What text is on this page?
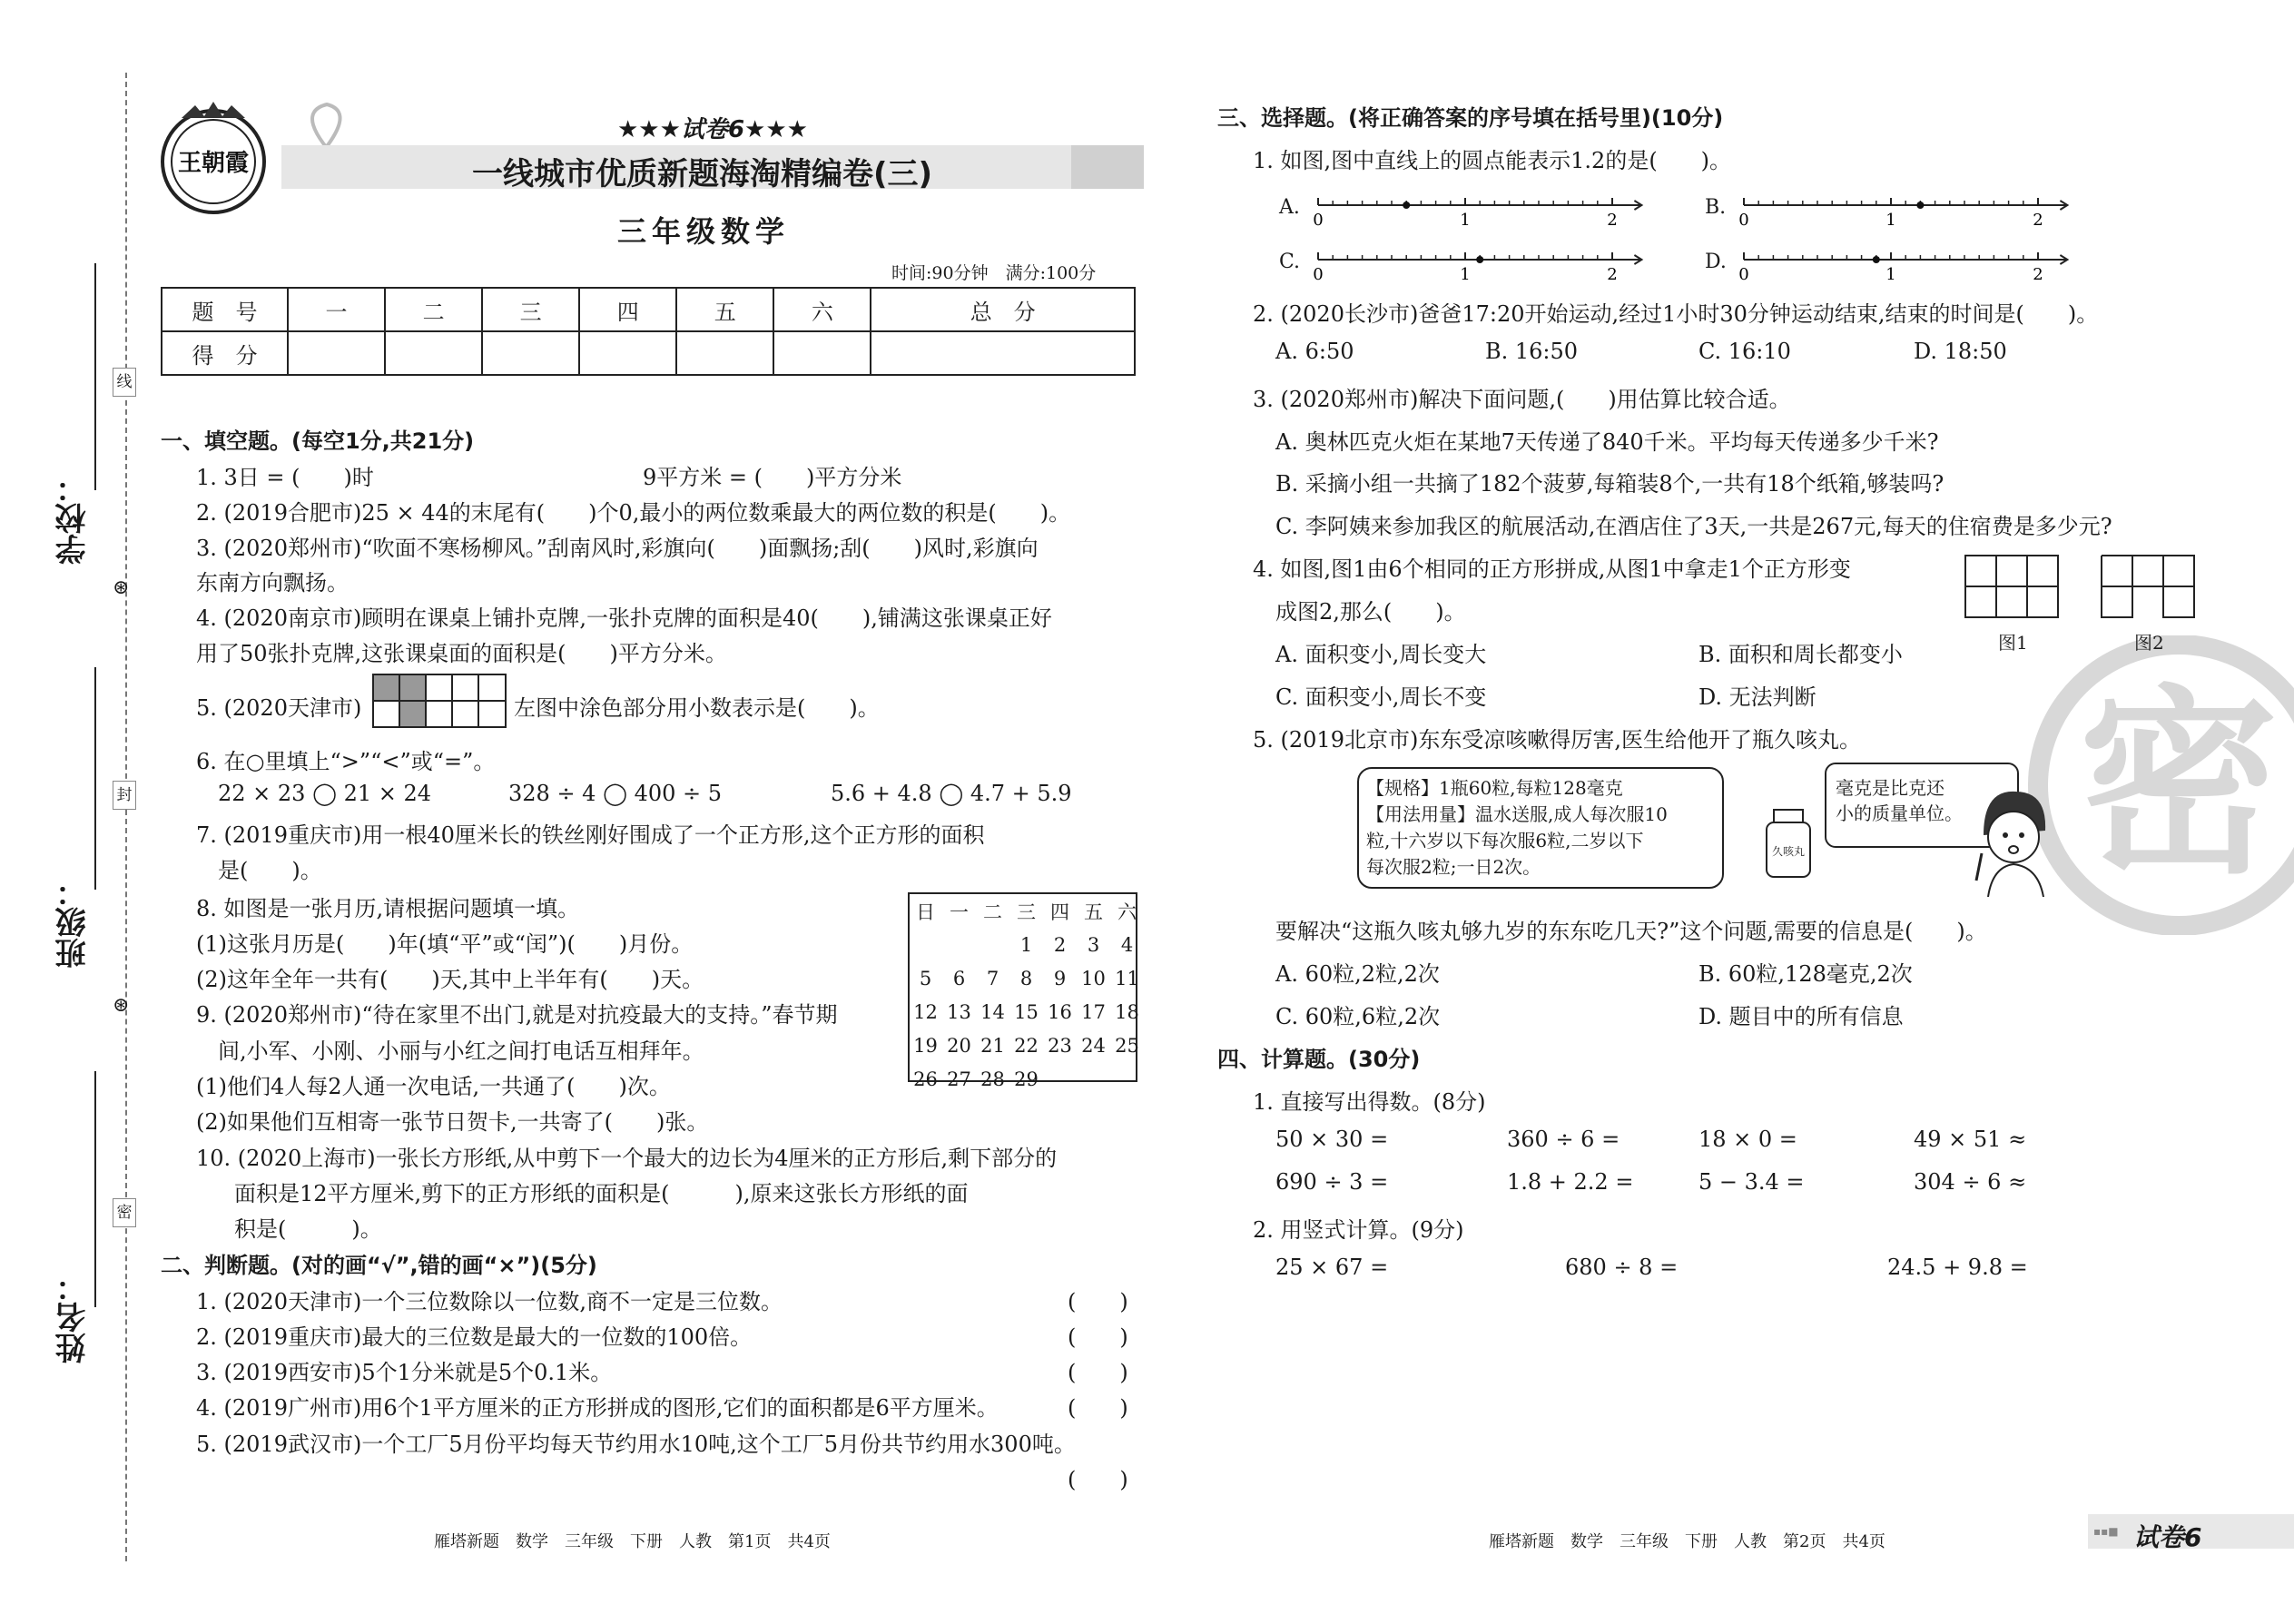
线
封
密
⊛
⊛
学校：
班级：
姓名：
王朝霞
★★★试卷6★★★
一线城市优质新题海淘精编卷(三)
三年级数学
时间:90分钟　满分:100分
题　号	一	二	三	四	五	六	总　分
得　分							
一、填空题。(每空1分,共21分)
1. 3日 = (　　)时	9平方米 = (　　)平方分米
2. (2019合肥市)25 × 44的末尾有(　　)个0,最小的两位数乘最大的两位数的积是(　　)。
3. (2020郑州市)“吹面不寒杨柳风。”刮南风时,彩旗向(　　)面飘扬;刮(　　)风时,彩旗向
东南方向飘扬。
4. (2020南京市)顾明在课桌上铺扑克牌,一张扑克牌的面积是40(　　),铺满这张课桌正好
用了50张扑克牌,这张课桌面的面积是(　　)平方分米。
5. (2020天津市)	左图中涂色部分用小数表示是(　　)。
6. 在○里填上“>”“<”或“=”。
22 × 23 ◯ 21 × 24	328 ÷ 4 ◯ 400 ÷ 5	5.6 + 4.8 ◯ 4.7 + 5.9
7. (2019重庆市)用一根40厘米长的铁丝刚好围成了一个正方形,这个正方形的面积
是(　　)。
8. 如图是一张月历,请根据问题填一填。
(1)这张月历是(　　)年(填“平”或“闰”)(　　)月份。
(2)这年全年一共有(　　)天,其中上半年有(　　)天。
9. (2020郑州市)“待在家里不出门,就是对抗疫最大的支持。”春节期
间,小军、小刚、小丽与小红之间打电话互相拜年。
(1)他们4人每2人通一次电话,一共通了(　　)次。
(2)如果他们互相寄一张节日贺卡,一共寄了(　　)张。
10. (2020上海市)一张长方形纸,从中剪下一个最大的边长为4厘米的正方形后,剩下部分的
面积是12平方厘米,剪下的正方形纸的面积是(　　　),原来这张长方形纸的面
积是(　　　)。
日	一	二	三	四	五	六
			1	2	3	4
5	6	7	8	9	10	11
12	13	14	15	16	17	18
19	20	21	22	23	24	25
26	27	28	29			
二、判断题。(对的画“√”,错的画“×”)(5分)
1. (2020天津市)一个三位数除以一位数,商不一定是三位数。	(　　)
2. (2019重庆市)最大的三位数是最大的一位数的100倍。	(　　)
3. (2019西安市)5个1分米就是5个0.1米。	(　　)
4. (2019广州市)用6个1平方厘米的正方形拼成的图形,它们的面积都是6平方厘米。	(　　)
5. (2019武汉市)一个工厂5月份平均每天节约用水10吨,这个工厂5月份共节约用水300吨。
(　　)
雁塔新题　数学　三年级　下册　人教　第1页　共4页
密
三、选择题。(将正确答案的序号填在括号里)(10分)
1. 如图,图中直线上的圆点能表示1.2的是(　　)。
A.
0	1	2
B.
0	1	2
C.
0	1	2
D.
0	1	2
2. (2020长沙市)爸爸17:20开始运动,经过1小时30分钟运动结束,结束的时间是(　　)。
A. 6:50	B. 16:50	C. 16:10	D. 18:50
3. (2020郑州市)解决下面问题,(　　)用估算比较合适。
A. 奥林匹克火炬在某地7天传递了840千米。平均每天传递多少千米?
B. 采摘小组一共摘了182个菠萝,每箱装8个,一共有18个纸箱,够装吗?
C. 李阿姨来参加我区的航展活动,在酒店住了3天,一共是267元,每天的住宿费是多少元?
4. 如图,图1由6个相同的正方形拼成,从图1中拿走1个正方形变
成图2,那么(　　)。
图1	图2
A. 面积变小,周长变大	B. 面积和周长都变小
C. 面积变小,周长不变	D. 无法判断
5. (2019北京市)东东受凉咳嗽得厉害,医生给他开了瓶久咳丸。
【规格】1瓶60粒,每粒128毫克
【用法用量】温水送服,成人每次服10
粒,十六岁以下每次服6粒,二岁以下
每次服2粒;一日2次。
久咳丸
毫克是比克还
小的质量单位。
要解决“这瓶久咳丸够九岁的东东吃几天?”这个问题,需要的信息是(　　)。
A. 60粒,2粒,2次	B. 60粒,128毫克,2次
C. 60粒,6粒,2次	D. 题目中的所有信息
四、计算题。(30分)
1. 直接写出得数。(8分)
50 × 30 =	360 ÷ 6 =	18 × 0 =	49 × 51 ≈
690 ÷ 3 =	1.8 + 2.2 =	5 − 3.4 =	304 ÷ 6 ≈
2. 用竖式计算。(9分)
25 × 67 =	680 ÷ 8 =	24.5 + 9.8 =
雁塔新题　数学　三年级　下册　人教　第2页　共4页
▪▪■ 试卷6
